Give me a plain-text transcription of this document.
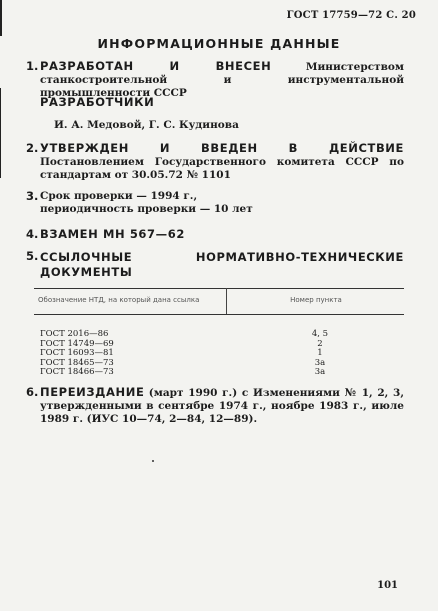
ГОСТ 17759—72 С. 20
ИНФОРМАЦИОННЫЕ ДАННЫЕ
1. РАЗРАБОТАН И ВНЕСЕН	Министерством станкостроительной и инструментальной промышленности СССР
РАЗРАБОТЧИКИ
И. А. Медовой, Г. С. Кудинова
2. УТВЕРЖДЕН И ВВЕДЕН В ДЕЙСТВИЕ Постановлением Государственного комитета СССР по стандартам от 30.05.72 № 1101
3. Срок проверки — 1994 г.,
периодичность проверки — 10 лет
4. ВЗАМЕН МН 567—62
5. ССЫЛОЧНЫЕ НОРМАТИВНО-ТЕХНИЧЕСКИЕ ДОКУМЕНТЫ
Обозначение НТД, на который дана ссылка	Номер пункта
ГОСТ 2016—86	4, 5
ГОСТ 14749—69	2
ГОСТ 16093—81	1
ГОСТ 18465—73	3а
ГОСТ 18466—73	3а
6. ПЕРЕИЗДАНИЕ (март 1990 г.) с Изменениями № 1, 2, 3, утвержденными в сентябре 1974 г., ноябре 1983 г., июле 1989 г. (ИУС 10—74, 2—84, 12—89).
101
